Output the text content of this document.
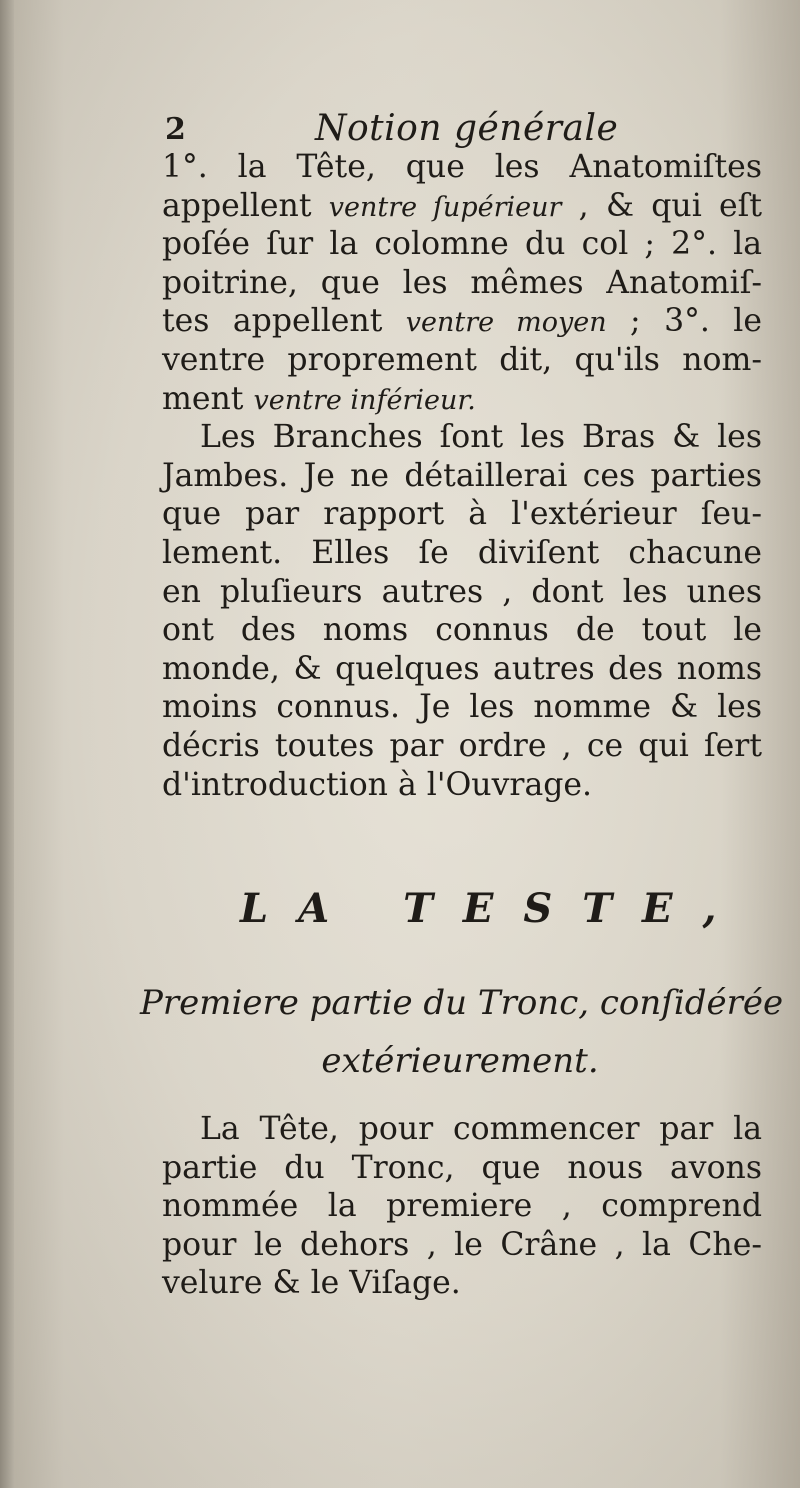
2	Notion générale
1°. la Tête, que les Anatomiſtes
appellent ventre ſupérieur , & qui eſt
poſée ſur la colomne du col ; 2°. la
poitrine, que les mêmes Anatomiſ-
tes appellent ventre moyen ; 3°. le
ventre proprement dit, qu'ils nom-
ment ventre inférieur.
Les Branches ſont les Bras & les
Jambes. Je ne détaillerai ces parties
que par rapport à l'extérieur ſeu-
lement. Elles ſe diviſent chacune
en pluſieurs autres , dont les unes
ont des noms connus de tout le
monde, & quelques autres des noms
moins connus. Je les nomme & les
décris toutes par ordre , ce qui ſert
d'introduction à l'Ouvrage.
LA TESTE,
Premiere partie du Tronc, conſidérée
extérieurement.
La Tête, pour commencer par la
partie du Tronc, que nous avons
nommée la premiere , comprend
pour le dehors , le Crâne , la Che-
velure & le Viſage.
